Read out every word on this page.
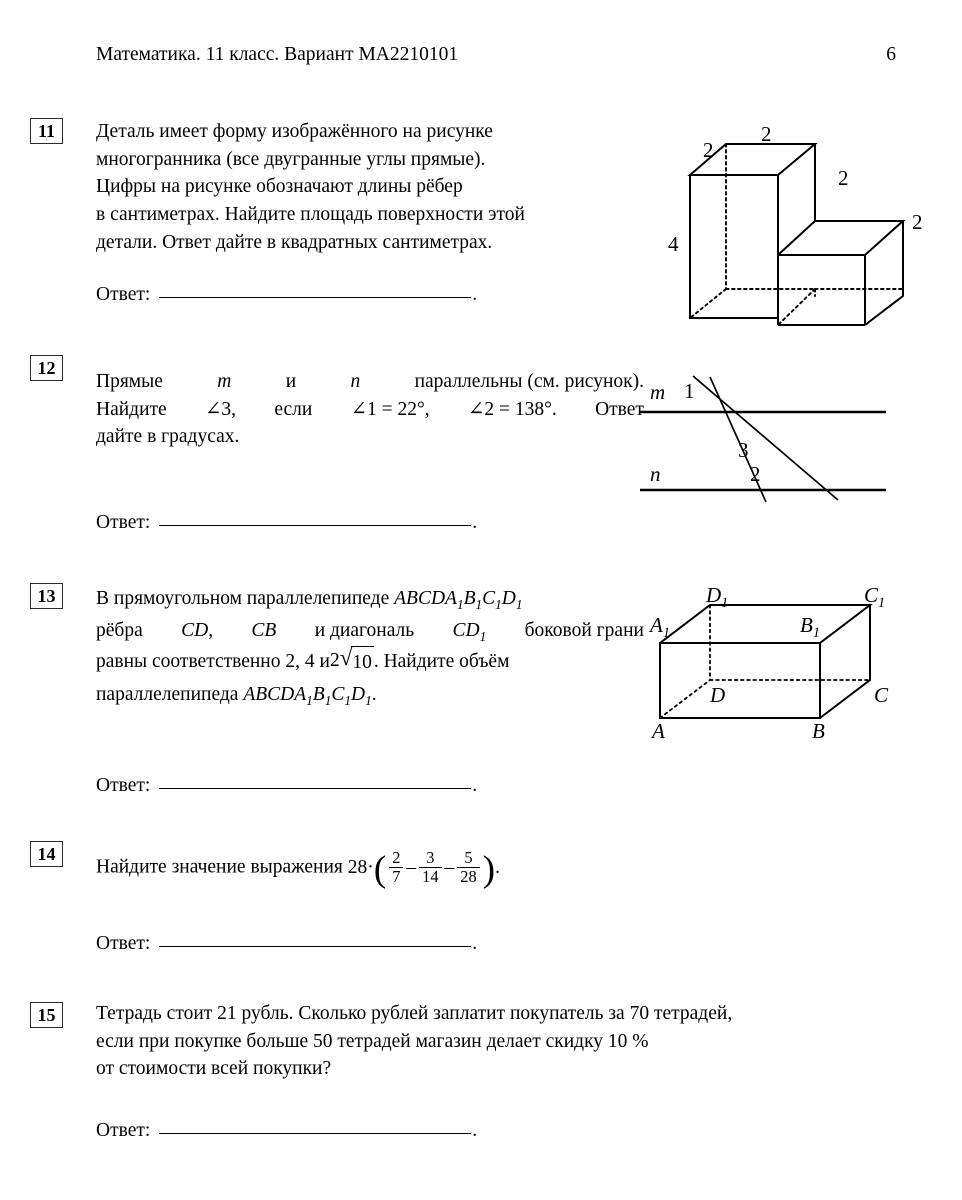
Математика. 11 класс. Вариант МА2210101	6
11	Деталь имеет форму изображённого на рисунке
многогранника (все двугранные углы прямые).
Цифры на рисунке обозначают длины рёбер
в сантиметрах. Найдите площадь поверхности этой
детали. Ответ дайте в квадратных сантиметрах.
2
2
2
2
4
Ответ:	.
12
Прямые	m	и	n	параллельны (см. рисунок).
Найдите ∠3, если ∠1 = 22°, ∠2 = 138°. Ответ
дайте в градусах.
m 1
3
n	2
Ответ:	.
13	В прямоугольном параллелепипеде $ABCDA_1B_1C_1D_1$
рёбра CD, CB и диагональ $CD_1$ боковой грани
равны соответственно 2, 4 и 2 √ 10 . Найдите объём
параллелепипеда $ABCDA_1B_1C_1D_1$.
$A_1$
$D_1$
$B_1$
$C_1$
A
D
B
C
Ответ:	.
14
Найдите значение выражения $28\cdot( \frac{2}{7} - \frac{3}{14} - \frac{5}{28}$ ).
Ответ:	.
15	Тетрадь стоит 21 рубль. Сколько рублей заплатит покупатель за 70 тетрадей,
если при покупке больше 50 тетрадей магазин делает скидку 10 %
от стоимости всей покупки?
Ответ:	.
